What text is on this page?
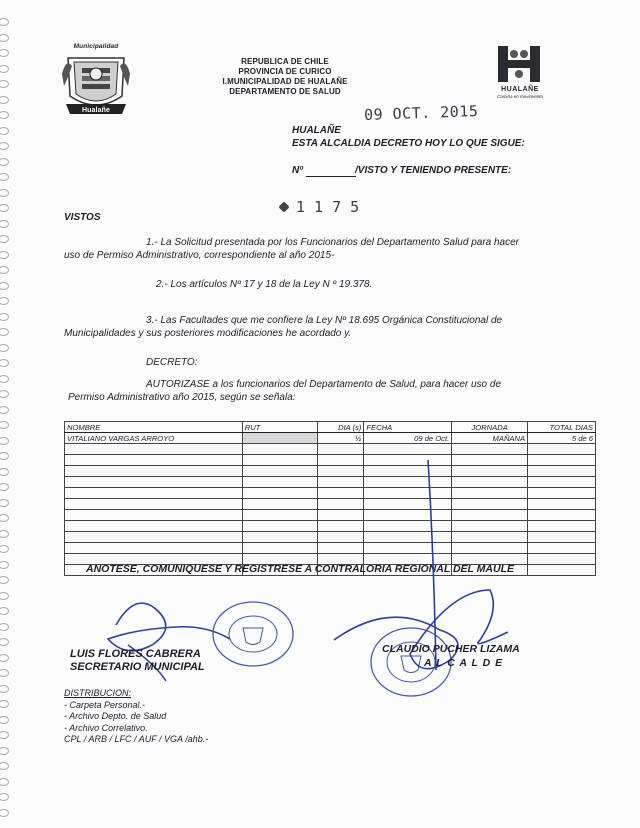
Municipalidad
Hualañe
REPUBLICA DE CHILE
PROVINCIA DE CURICO
I.MUNICIPALIDAD DE HUALAÑE
DEPARTAMENTO DE SALUD	HUALAÑE
Camina en movimiento
09 OCT. 2015
HUALAÑE
ESTA ALCALDIA DECRETO HOY LO QUE SIGUE:
Nº	/VISTO Y TENIENDO PRESENTE:
1 1 7 5
VISTOS
1.- La Solicitud presentada por los Funcionarios del Departamento Salud para hacer
uso de Permiso Administrativo, correspondiente al año 2015-
2.- Los artículos Nº 17 y 18 de la Ley N º 19.378.
3.- Las Facultades que me confiere la Ley Nº 18.695 Orgánica Constitucional de
Municipalidades y sus posteriores modificaciones he acordado y.
DECRETO:
AUTORIZASE a los funcionarios del Departamento de Salud, para hacer uso de
Permiso Administrativo año 2015, según se señala:
NOMBRE	RUT	DIA (s)	FECHA	JORNADA	TOTAL DIAS
VITALIANO VARGAS ARROYO		½	09 de Oct.	MAÑANA	5 de 6

ANOTESE, COMUNIQUESE Y REGISTRESE A CONTRALORIA REGIONAL DEL MAULE
LUIS FLORES CABRERA
SECRETARIO MUNICIPAL
CLAUDIO PUCHER LIZAMA
A L C A L D E
DISTRIBUCION:
- Carpeta Personal.-
- Archivo Depto. de Salud
- Archivo Correlativo.
CPL / ARB / LFC / AUF / VGA /ahb.-
